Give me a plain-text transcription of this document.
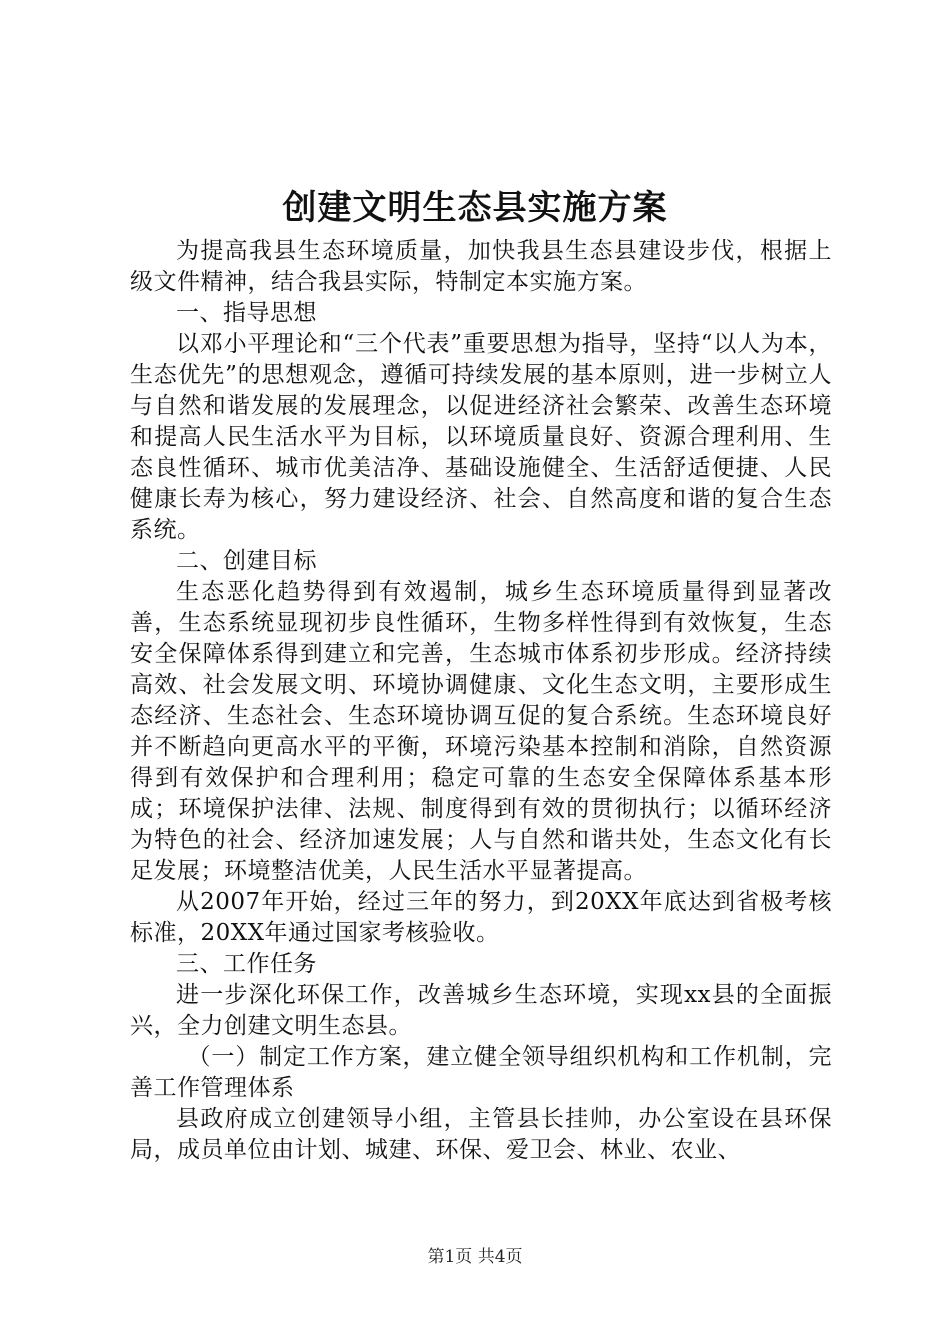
创建文明生态县实施方案

为提高我县生态环境质量，加快我县生态县建设步伐，根据上级文件精神，结合我县实际，特制定本实施方案。

一、指导思想

以邓小平理论和“三个代表”重要思想为指导，坚持“以人为本，生态优先”的思想观念，遵循可持续发展的基本原则，进一步树立人与自然和谐发展的发展理念，以促进经济社会繁荣、改善生态环境和提高人民生活水平为目标，以环境质量良好、资源合理利用、生态良性循环、城市优美洁净、基础设施健全、生活舒适便捷、人民健康长寿为核心，努力建设经济、社会、自然高度和谐的复合生态系统。

二、创建目标

生态恶化趋势得到有效遏制，城乡生态环境质量得到显著改善，生态系统显现初步良性循环，生物多样性得到有效恢复，生态安全保障体系得到建立和完善，生态城市体系初步形成。经济持续高效、社会发展文明、环境协调健康、文化生态文明，主要形成生态经济、生态社会、生态环境协调互促的复合系统。生态环境良好并不断趋向更高水平的平衡，环境污染基本控制和消除，自然资源得到有效保护和合理利用；稳定可靠的生态安全保障体系基本形成；环境保护法律、法规、制度得到有效的贯彻执行；以循环经济为特色的社会、经济加速发展；人与自然和谐共处，生态文化有长足发展；环境整洁优美，人民生活水平显著提高。

从2007年开始，经过三年的努力，到20XX年底达到省极考核标准，20XX年通过国家考核验收。

三、工作任务

进一步深化环保工作，改善城乡生态环境，实现xx县的全面振兴，全力创建文明生态县。

（一）制定工作方案，建立健全领导组织机构和工作机制，完善工作管理体系

县政府成立创建领导小组，主管县长挂帅，办公室设在县环保局，成员单位由计划、城建、环保、爱卫会、林业、农业、

第1页 共4页
